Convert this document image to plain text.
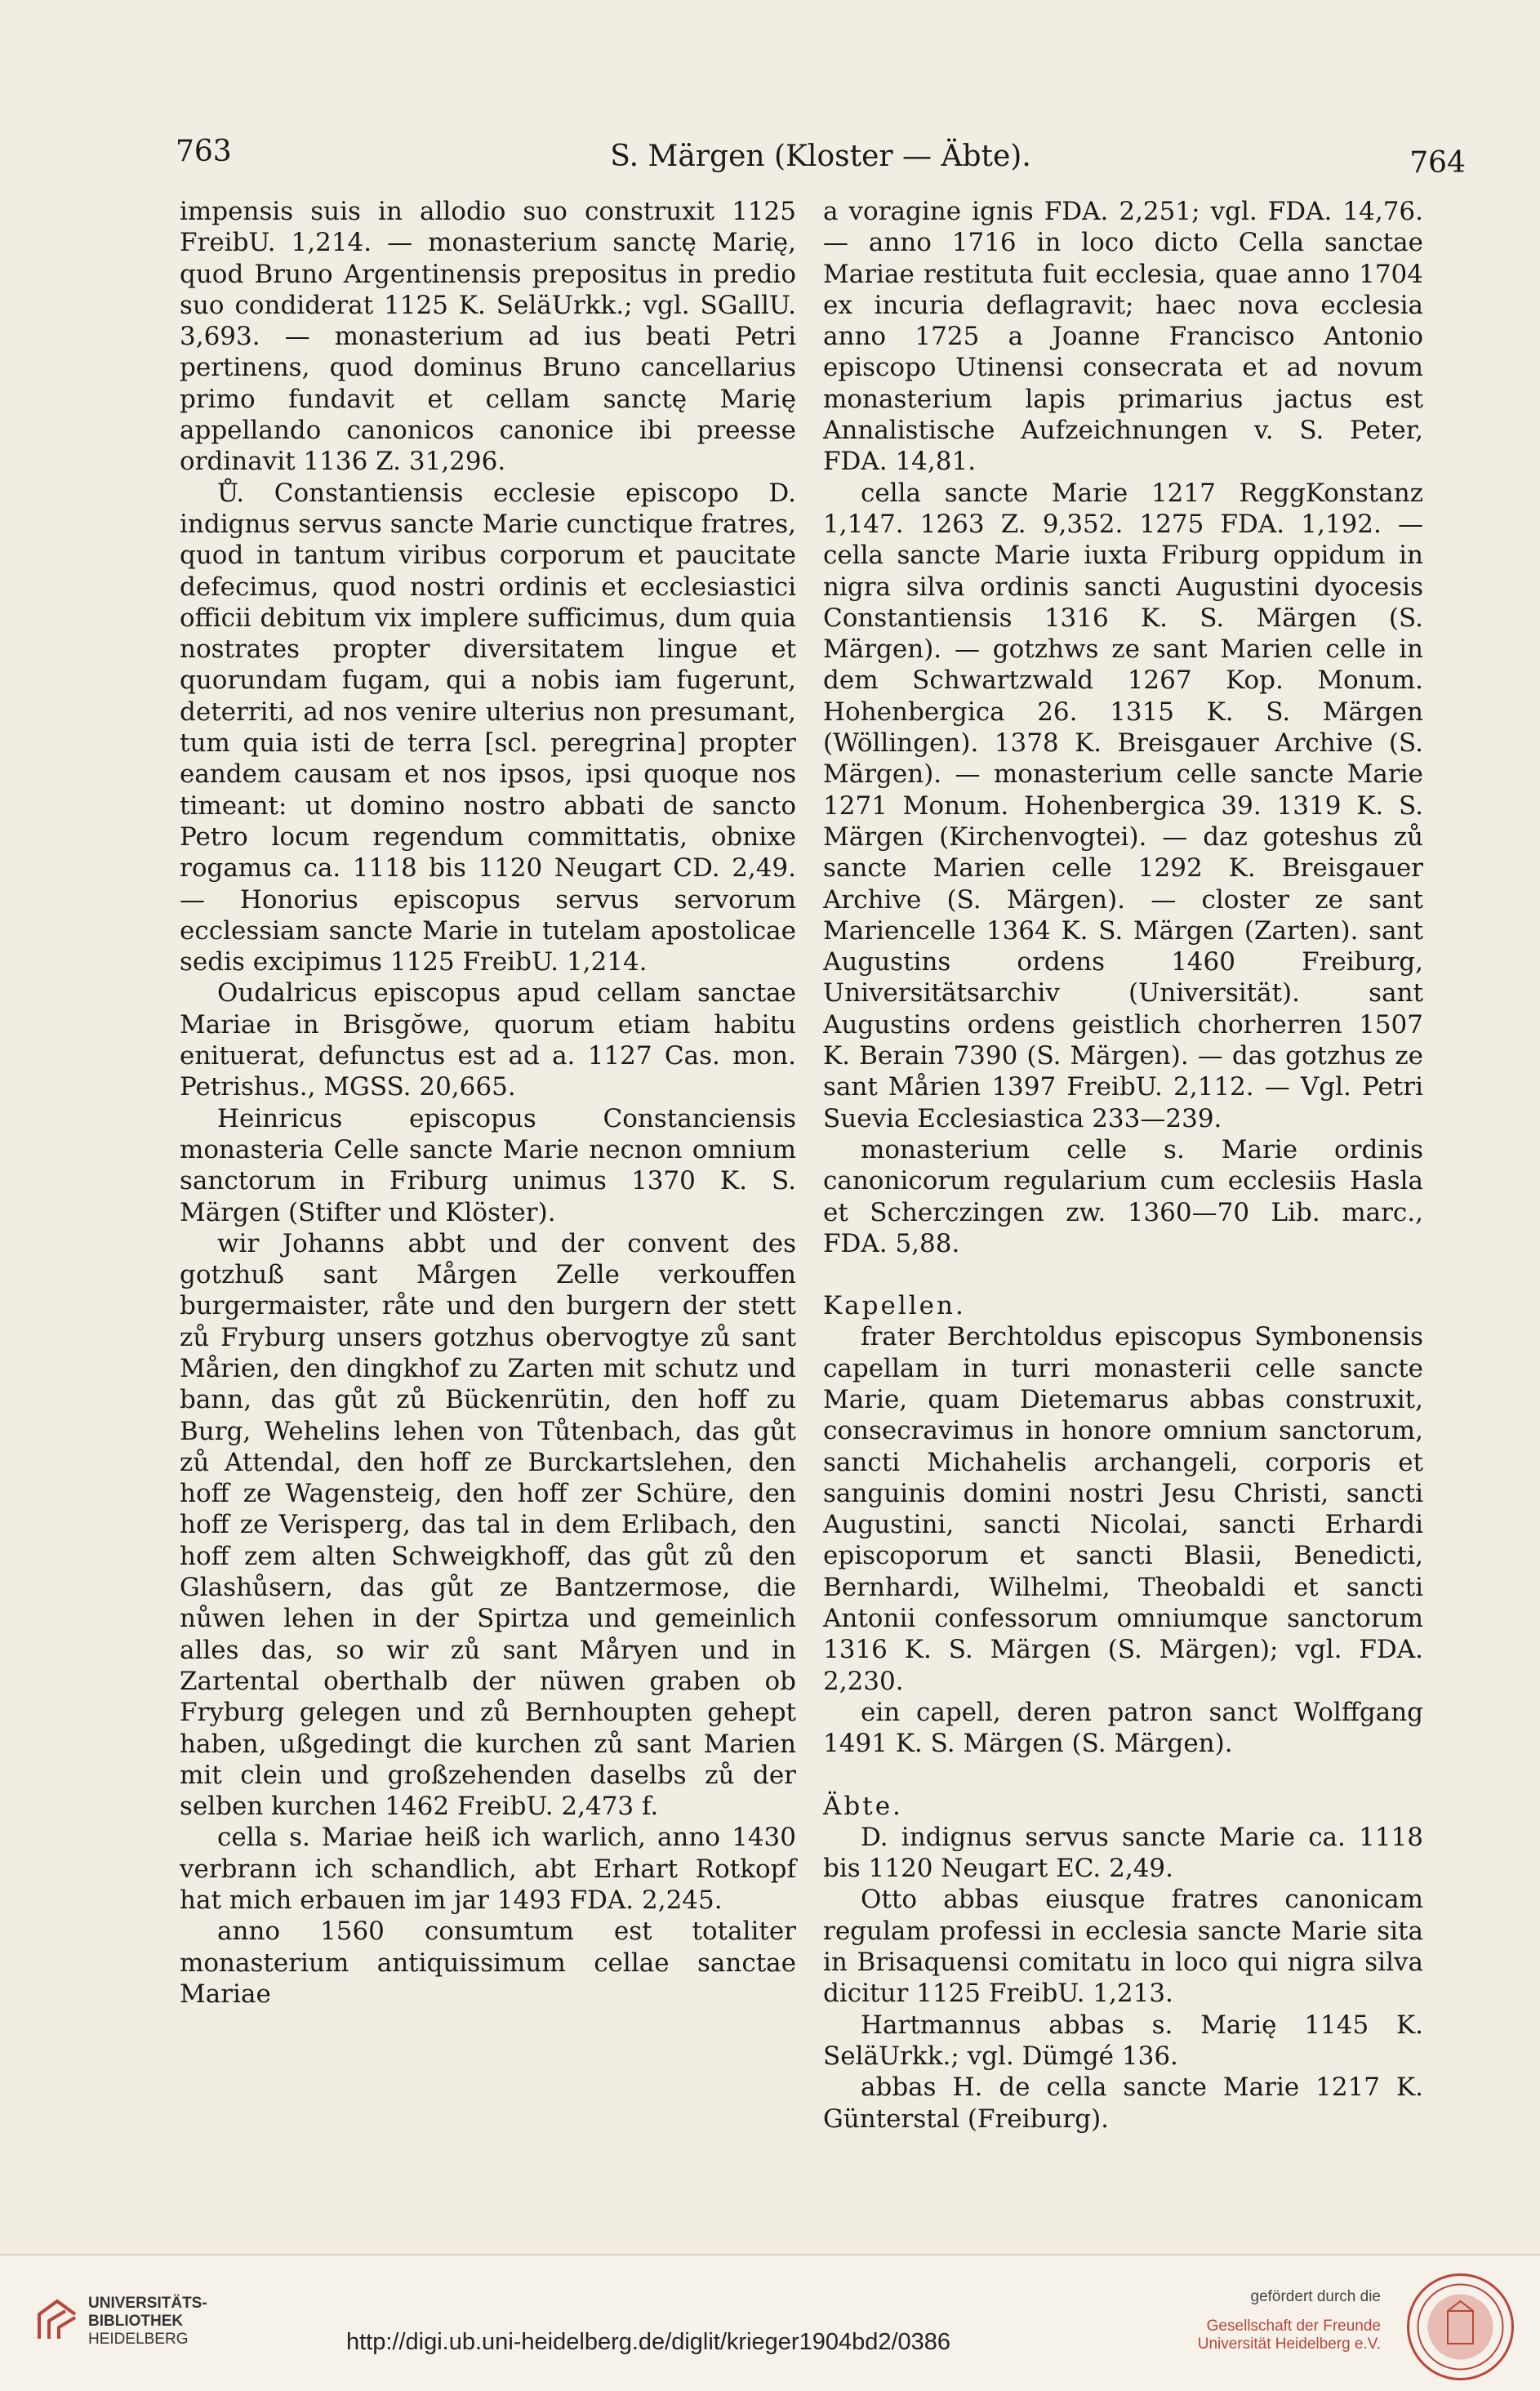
763	S. Märgen (Kloster — Äbte).	764

impensis suis in allodio suo construxit 1125 FreibU. 1,214. — monasterium sanctę Marię, quod Bruno Argentinensis prepositus in predio suo condiderat 1125 K. SeläUrkk.; vgl. SGallU. 3,693. — monasterium ad ius beati Petri pertinens, quod dominus Bruno cancellarius primo fundavit et cellam sanctę Marię appellando canonicos canonice ibi preesse ordinavit 1136 Z. 31,296.

Ů. Constantiensis ecclesie episcopo D. indignus servus sancte Marie cunctique fratres, quod in tantum viribus corporum et paucitate defecimus, quod nostri ordinis et ecclesiastici officii debitum vix implere sufficimus, dum quia nostrates propter diversitatem lingue et quorundam fugam, qui a nobis iam fugerunt, deterriti, ad nos venire ulterius non presumant, tum quia isti de terra [scl. peregrina] propter eandem causam et nos ipsos, ipsi quoque nos timeant: ut domino nostro abbati de sancto Petro locum regendum committatis, obnixe rogamus ca. 1118 bis 1120 Neugart CD. 2,49. — Honorius episcopus servus servorum ecclessiam sancte Marie in tutelam apostolicae sedis excipimus 1125 FreibU. 1,214.

Oudalricus episcopus apud cellam sanctae Mariae in Brisgŏwe, quorum etiam habitu enituerat, defunctus est ad a. 1127 Cas. mon. Petrishus., MGSS. 20,665.

Heinricus episcopus Constanciensis monasteria Celle sancte Marie necnon omnium sanctorum in Friburg unimus 1370 K. S. Märgen (Stifter und Klöster).

wir Johanns abbt und der convent des gotzhuß sant Mårgen Zelle verkouffen burgermaister, råte und den burgern der stett zů Fryburg unsers gotzhus obervogtye zů sant Mårien, den dingkhof zu Zarten mit schutz und bann, das gůt zů Bückenrütin, den hoff zu Burg, Wehelins lehen von Tůtenbach, das gůt zů Attendal, den hoff ze Burckartslehen, den hoff ze Wagensteig, den hoff zer Schüre, den hoff ze Verisperg, das tal in dem Erlibach, den hoff zem alten Schweigkhoff, das gůt zů den Glashůsern, das gůt ze Bantzermose, die nůwen lehen in der Spirtza und gemeinlich alles das, so wir zů sant Måryen und in Zartental oberthalb der nüwen graben ob Fryburg gelegen und zů Bernhoupten gehept haben, ußgedingt die kurchen zů sant Marien mit clein und großzehenden daselbs zů der selben kurchen 1462 FreibU. 2,473 f.

cella s. Mariae heiß ich warlich, anno 1430 verbrann ich schandlich, abt Erhart Rotkopf hat mich erbauen im jar 1493 FDA. 2,245.

anno 1560 consumtum est totaliter monasterium antiquissimum cellae sanctae Mariae

a voragine ignis FDA. 2,251; vgl. FDA. 14,76. — anno 1716 in loco dicto Cella sanctae Mariae restituta fuit ecclesia, quae anno 1704 ex incuria deflagravit; haec nova ecclesia anno 1725 a Joanne Francisco Antonio episcopo Utinensi consecrata et ad novum monasterium lapis primarius jactus est Annalistische Aufzeichnungen v. S. Peter, FDA. 14,81.

cella sancte Marie 1217 ReggKonstanz 1,147. 1263 Z. 9,352. 1275 FDA. 1,192. — cella sancte Marie iuxta Friburg oppidum in nigra silva ordinis sancti Augustini dyocesis Constantiensis 1316 K. S. Märgen (S. Märgen). — gotzhws ze sant Marien celle in dem Schwartzwald 1267 Kop. Monum. Hohenbergica 26. 1315 K. S. Märgen (Wöllingen). 1378 K. Breisgauer Archive (S. Märgen). — monasterium celle sancte Marie 1271 Monum. Hohenbergica 39. 1319 K. S. Märgen (Kirchenvogtei). — daz goteshus zů sancte Marien celle 1292 K. Breisgauer Archive (S. Märgen). — closter ze sant Mariencelle 1364 K. S. Märgen (Zarten). sant Augustins ordens 1460 Freiburg, Universitätsarchiv (Universität). sant Augustins ordens geistlich chorherren 1507 K. Berain 7390 (S. Märgen). — das gotzhus ze sant Mårien 1397 FreibU. 2,112. — Vgl. Petri Suevia Ecclesiastica 233—239.

monasterium celle s. Marie ordinis canonicorum regularium cum ecclesiis Hasla et Scherczingen zw. 1360—70 Lib. marc., FDA. 5,88.

Kapellen.

frater Berchtoldus episcopus Symbonensis capellam in turri monasterii celle sancte Marie, quam Dietemarus abbas construxit, consecravimus in honore omnium sanctorum, sancti Michahelis archangeli, corporis et sanguinis domini nostri Jesu Christi, sancti Augustini, sancti Nicolai, sancti Erhardi episcoporum et sancti Blasii, Benedicti, Bernhardi, Wilhelmi, Theobaldi et sancti Antonii confessorum omniumque sanctorum 1316 K. S. Märgen (S. Märgen); vgl. FDA. 2,230.

ein capell, deren patron sanct Wolffgang 1491 K. S. Märgen (S. Märgen).

Äbte.

D. indignus servus sancte Marie ca. 1118 bis 1120 Neugart EC. 2,49.

Otto abbas eiusque fratres canonicam regulam professi in ecclesia sancte Marie sita in Brisaquensi comitatu in loco qui nigra silva dicitur 1125 FreibU. 1,213.

Hartmannus abbas s. Marię 1145 K. SeläUrkk.; vgl. Dümgé 136.

abbas H. de cella sancte Marie 1217 K. Günterstal (Freiburg).

UNIVERSITÄTS-
BIBLIOTHEK
HEIDELBERG	http://digi.ub.uni-heidelberg.de/diglit/krieger1904bd2/0386
gefördert durch die
Gesellschaft der Freunde
Universität Heidelberg e.V.
